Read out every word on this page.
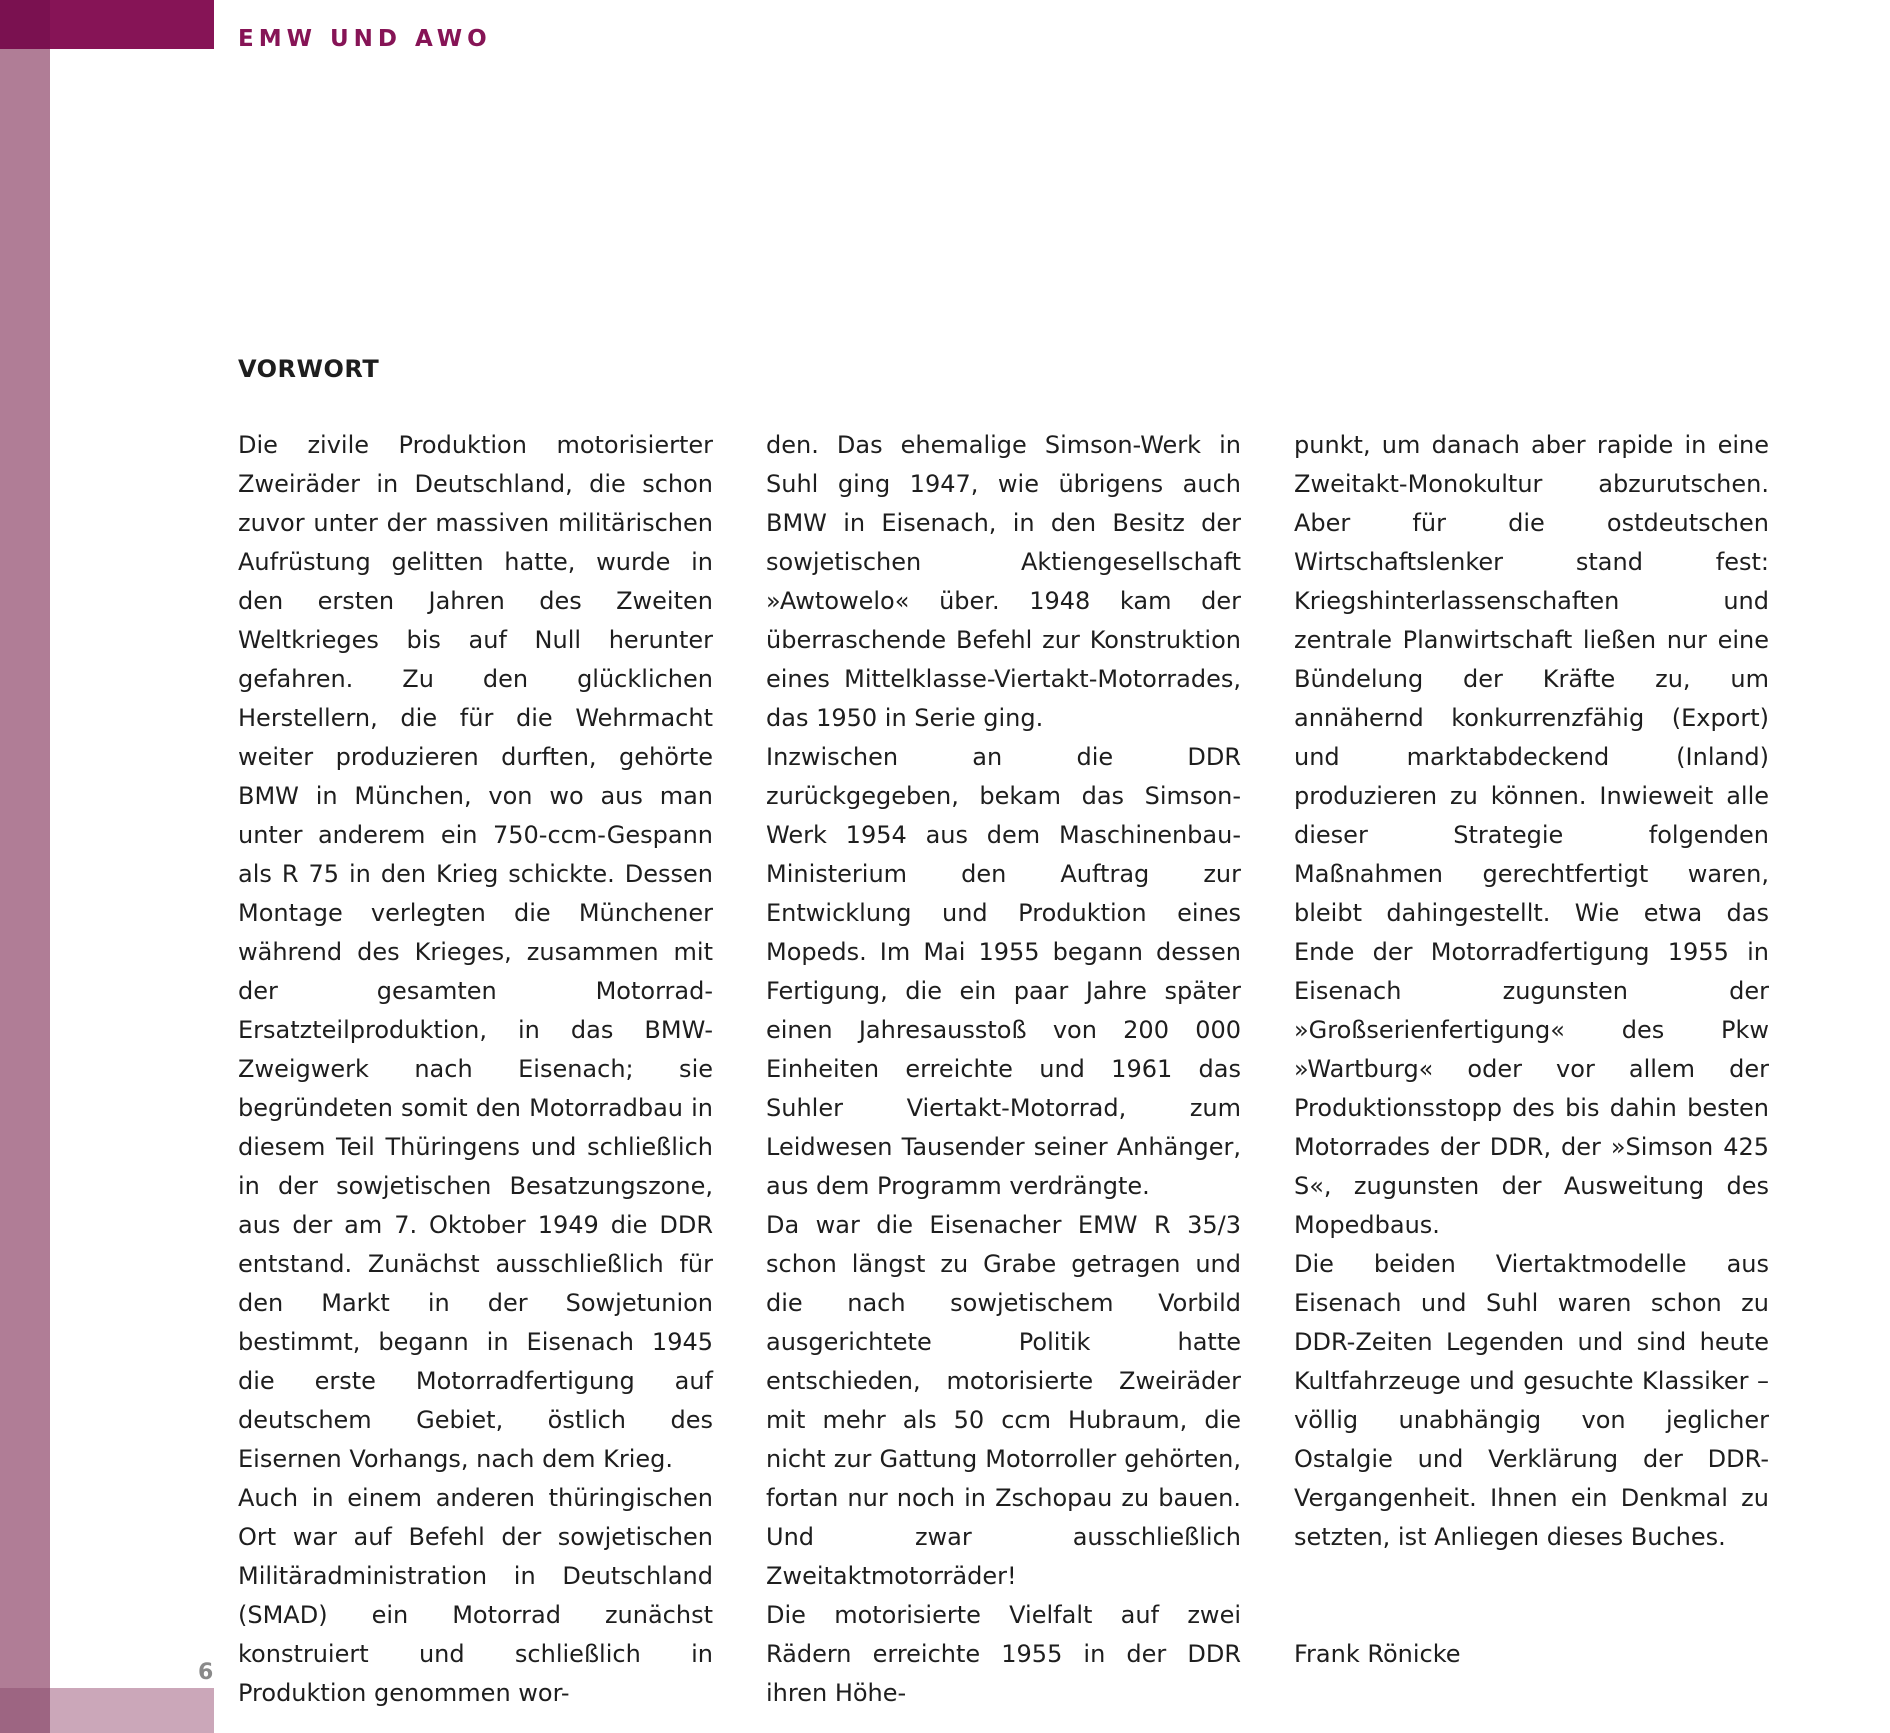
EMW UND AWO
VORWORT

Die zivile Produktion motorisierter Zweiräder in Deutschland, die schon zuvor unter der massiven militärischen Aufrüstung gelitten hatte, wurde in den ersten Jahren des Zweiten Weltkrieges bis auf Null herunter gefahren. Zu den glücklichen Herstellern, die für die Wehrmacht weiter produzieren durften, gehörte BMW in München, von wo aus man unter anderem ein 750-ccm-Gespann als R 75 in den Krieg schickte. Dessen Montage verlegten die Münchener während des Krieges, zusammen mit der gesamten Motorrad-Ersatzteilproduktion, in das BMW-Zweigwerk nach Eisenach; sie begründeten somit den Motorradbau in diesem Teil Thüringens und schließlich in der sowjetischen Besatzungszone, aus der am 7. Oktober 1949 die DDR entstand. Zunächst ausschließlich für den Markt in der Sowjetunion bestimmt, begann in Eisenach 1945 die erste Motorradfertigung auf deutschem Gebiet, östlich des Eisernen Vorhangs, nach dem Krieg.

Auch in einem anderen thüringischen Ort war auf Befehl der sowjetischen Militäradministration in Deutschland (SMAD) ein Motorrad zunächst konstruiert und schließlich in Produktion genommen wor-

den. Das ehemalige Simson-Werk in Suhl ging 1947, wie übrigens auch BMW in Eisenach, in den Besitz der sowjetischen Aktiengesellschaft »Awtowelo« über. 1948 kam der überraschende Befehl zur Konstruktion eines Mittelklasse-Viertakt-Motorrades, das 1950 in Serie ging.

Inzwischen an die DDR zurückgegeben, bekam das Simson-Werk 1954 aus dem Maschinenbau-Ministerium den Auftrag zur Entwicklung und Produktion eines Mopeds. Im Mai 1955 begann dessen Fertigung, die ein paar Jahre später einen Jahresausstoß von 200 000 Einheiten erreichte und 1961 das Suhler Viertakt-Motorrad, zum Leidwesen Tausender seiner Anhänger, aus dem Programm verdrängte.

Da war die Eisenacher EMW R 35/3 schon längst zu Grabe getragen und die nach sowjetischem Vorbild ausgerichtete Politik hatte entschieden, motorisierte Zweiräder mit mehr als 50 ccm Hubraum, die nicht zur Gattung Motorroller gehörten, fortan nur noch in Zschopau zu bauen. Und zwar ausschließlich Zweitaktmotorräder!

Die motorisierte Vielfalt auf zwei Rädern erreichte 1955 in der DDR ihren Höhe-

punkt, um danach aber rapide in eine Zweitakt-Monokultur abzurutschen. Aber für die ostdeutschen Wirtschaftslenker stand fest: Kriegshinterlassenschaften und zentrale Planwirtschaft ließen nur eine Bündelung der Kräfte zu, um annähernd konkurrenzfähig (Export) und marktabdeckend (Inland) produzieren zu können. Inwieweit alle dieser Strategie folgenden Maßnahmen gerechtfertigt waren, bleibt dahingestellt. Wie etwa das Ende der Motorradfertigung 1955 in Eisenach zugunsten der »Großserienfertigung« des Pkw »Wartburg« oder vor allem der Produktionsstopp des bis dahin besten Motorrades der DDR, der »Simson 425 S«, zugunsten der Ausweitung des Mopedbaus.

Die beiden Viertaktmodelle aus Eisenach und Suhl waren schon zu DDR-Zeiten Legenden und sind heute Kultfahrzeuge und gesuchte Klassiker – völlig unabhängig von jeglicher Ostalgie und Verklärung der DDR-Vergangenheit. Ihnen ein Denkmal zu setzten, ist Anliegen dieses Buches.

Frank Rönicke

6
